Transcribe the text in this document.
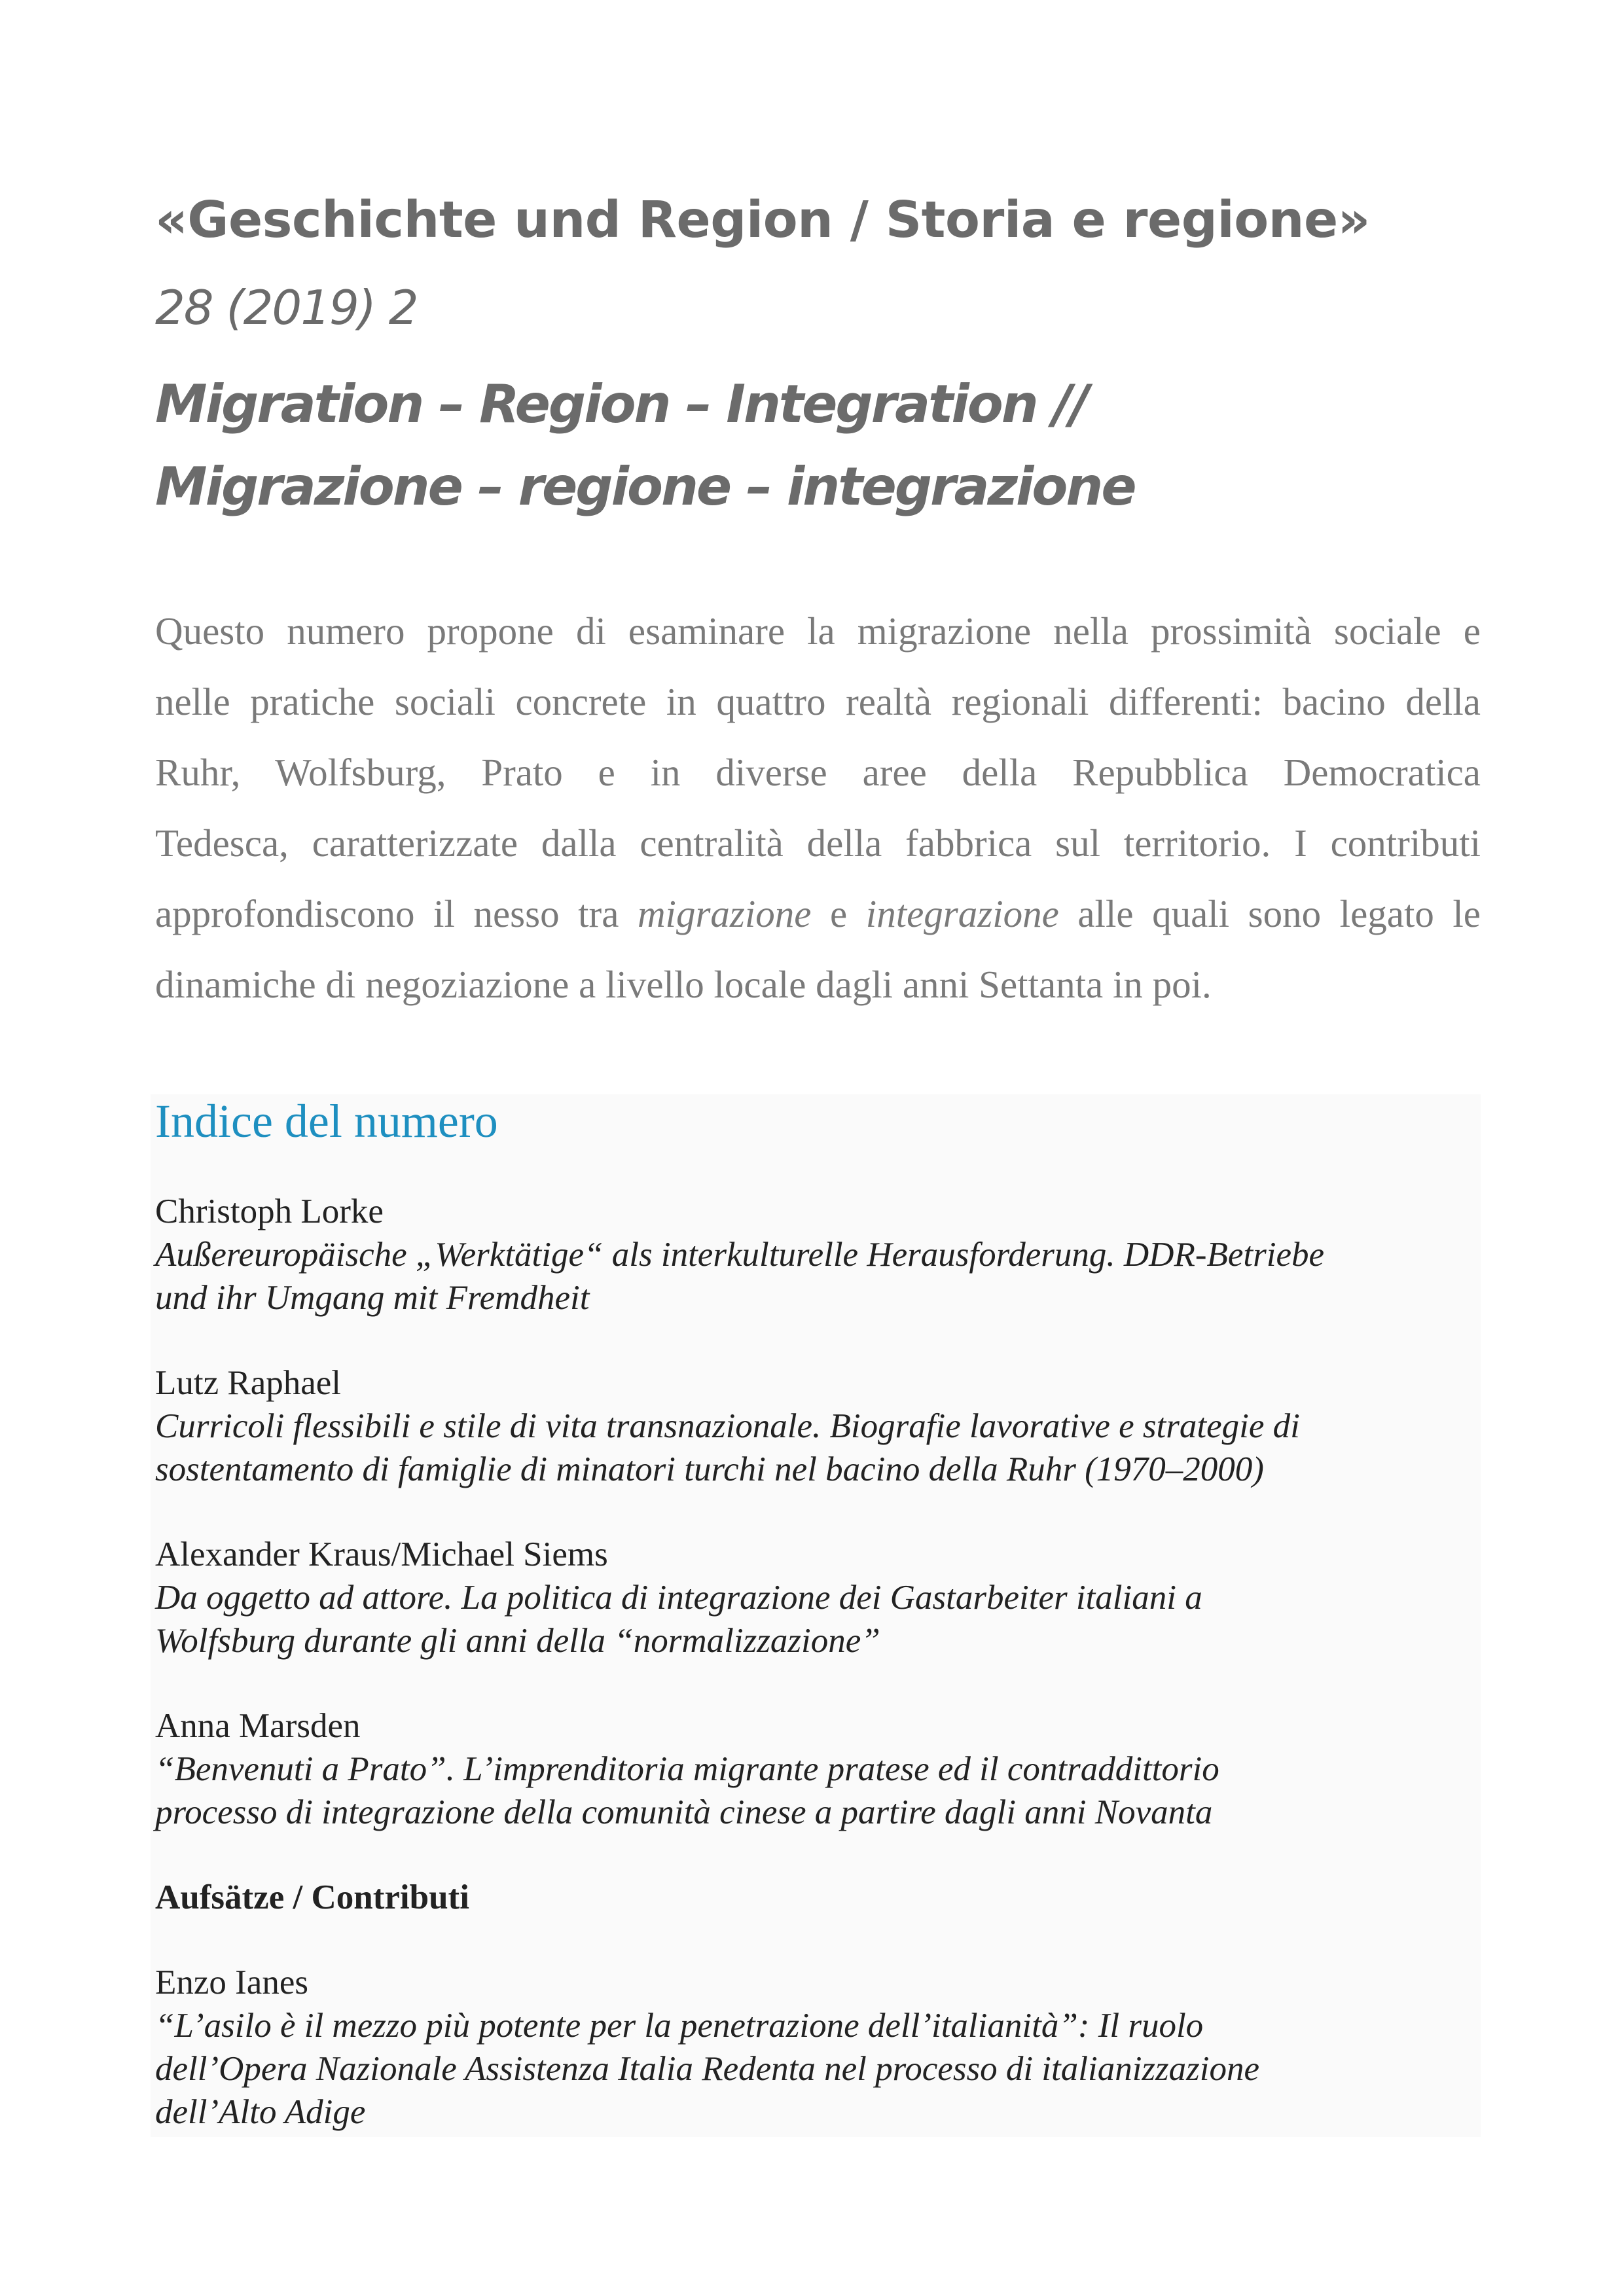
«Geschichte und Region / Storia e regione»
28 (2019) 2
Migration – Region – Integration //
Migrazione – regione – integrazione
Questo numero propone di esaminare la migrazione nella prossimità sociale e
nelle pratiche sociali concrete in quattro realtà regionali differenti: bacino della
Ruhr, Wolfsburg, Prato e in diverse aree della Repubblica Democratica
Tedesca, caratterizzate dalla centralità della fabbrica sul territorio. I contributi
approfondiscono il nesso tra migrazione e integrazione alle quali sono legato le
dinamiche di negoziazione a livello locale dagli anni Settanta in poi.
Indice del numero
Christoph Lorke
Außereuropäische „Werktätige“ als interkulturelle Herausforderung. DDR-Betriebe
und ihr Umgang mit Fremdheit
Lutz Raphael
Curricoli flessibili e stile di vita transnazionale. Biografie lavorative e strategie di
sostentamento di famiglie di minatori turchi nel bacino della Ruhr (1970–2000)
Alexander Kraus/Michael Siems
Da oggetto ad attore. La politica di integrazione dei Gastarbeiter italiani a
Wolfsburg durante gli anni della “normalizzazione”
Anna Marsden
“Benvenuti a Prato”. L’imprenditoria migrante pratese ed il contraddittorio
processo di integrazione della comunità cinese a partire dagli anni Novanta
Aufsätze / Contributi
Enzo Ianes
“L’asilo è il mezzo più potente per la penetrazione dell’italianità”: Il ruolo
dell’Opera Nazionale Assistenza Italia Redenta nel processo di italianizzazione
dell’Alto Adige
